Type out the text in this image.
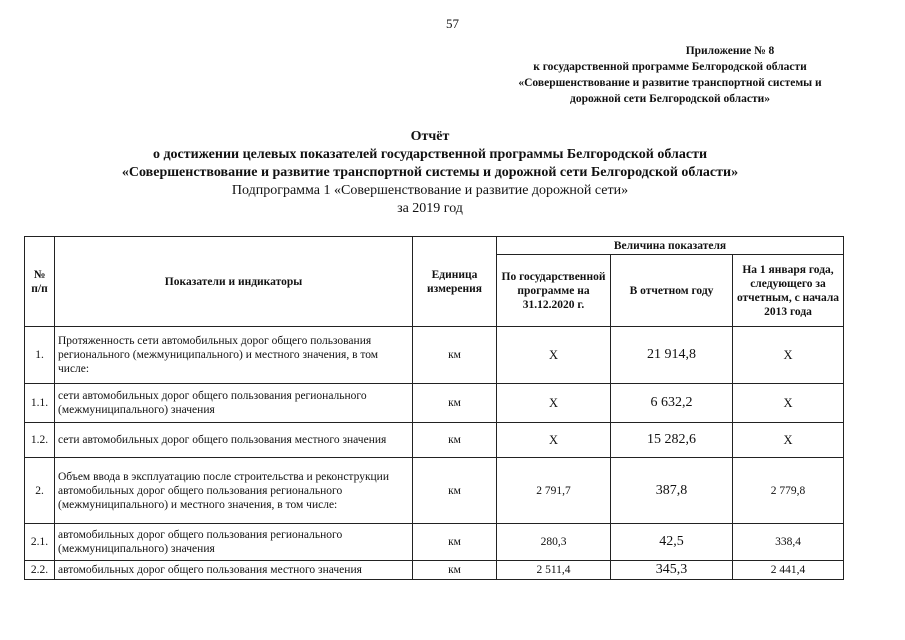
57
Приложение № 8
к государственной программе Белгородской области
«Совершенствование и развитие транспортной системы и
дорожной сети Белгородской области»
Отчёт
о достижении целевых показателей государственной программы Белгородской области
«Совершенствование и развитие транспортной системы и дорожной сети Белгородской области»
Подпрограмма 1 «Совершенствование и развитие дорожной сети»
за 2019 год
№ п/п	Показатели и индикаторы	Единица измерения	Величина показателя		
			По государственной программе на 31.12.2020 г.	В отчетном году	На 1 января года, следующего за отчетным, с начала 2013 года
1.	Протяженность сети автомобильных дорог общего пользования регионального (межмуниципального) и местного значения, в том числе:	км	Х	21 914,8	Х
1.1.	сети автомобильных дорог общего пользования регионального (межмуниципального) значения	км	Х	6 632,2	Х
1.2.	сети автомобильных дорог общего пользования местного значения	км	Х	15 282,6	Х
2.	Объем ввода в эксплуатацию после строительства и реконструкции автомобильных дорог общего пользования регионального (межмуниципального) и местного значения, в том числе:	км	2 791,7	387,8	2 779,8
2.1.	автомобильных дорог общего пользования регионального (межмуниципального) значения	км	280,3	42,5	338,4
2.2.	автомобильных дорог общего пользования местного значения	км	2 511,4	345,3	2 441,4
